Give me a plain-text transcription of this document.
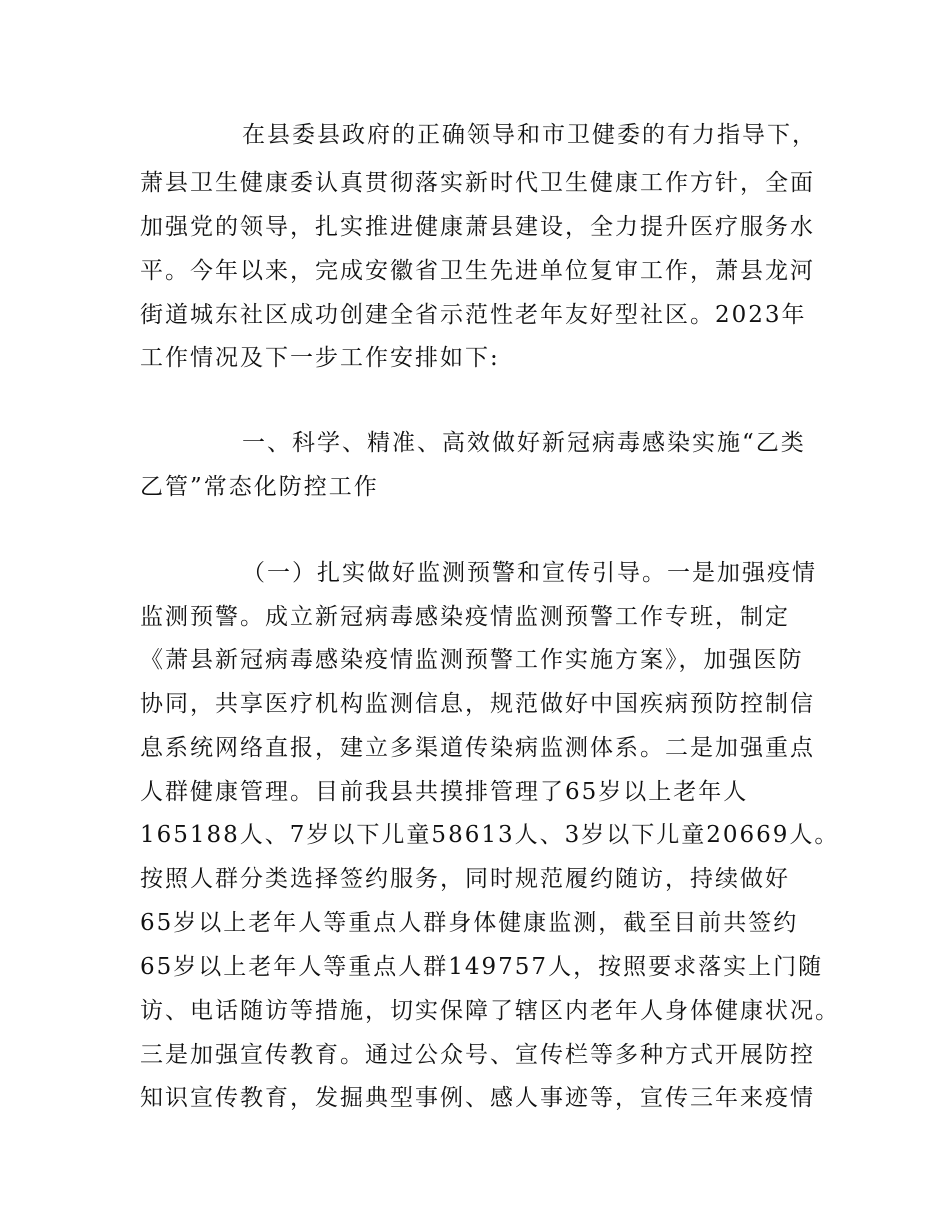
在县委县政府的正确领导和市卫健委的有力指导下，

萧县卫生健康委认真贯彻落实新时代卫生健康工作方针，全面

加强党的领导，扎实推进健康萧县建设，全力提升医疗服务水

平。今年以来，完成安徽省卫生先进单位复审工作，萧县龙河

街道城东社区成功创建全省示范性老年友好型社区。2023年

工作情况及下一步工作安排如下:

一、科学、精准、高效做好新冠病毒感染实施“乙类

乙管”常态化防控工作

（一）扎实做好监测预警和宣传引导。一是加强疫情

监测预警。成立新冠病毒感染疫情监测预警工作专班，制定

《萧县新冠病毒感染疫情监测预警工作实施方案》，加强医防

协同，共享医疗机构监测信息，规范做好中国疾病预防控制信

息系统网络直报，建立多渠道传染病监测体系。二是加强重点

人群健康管理。目前我县共摸排管理了65岁以上老年人

165188人、7岁以下儿童58613人、3岁以下儿童20669人。

按照人群分类选择签约服务，同时规范履约随访，持续做好

65岁以上老年人等重点人群身体健康监测，截至目前共签约

65岁以上老年人等重点人群149757人，按照要求落实上门随

访、电话随访等措施，切实保障了辖区内老年人身体健康状况。

三是加强宣传教育。通过公众号、宣传栏等多种方式开展防控

知识宣传教育，发掘典型事例、感人事迹等，宣传三年来疫情
